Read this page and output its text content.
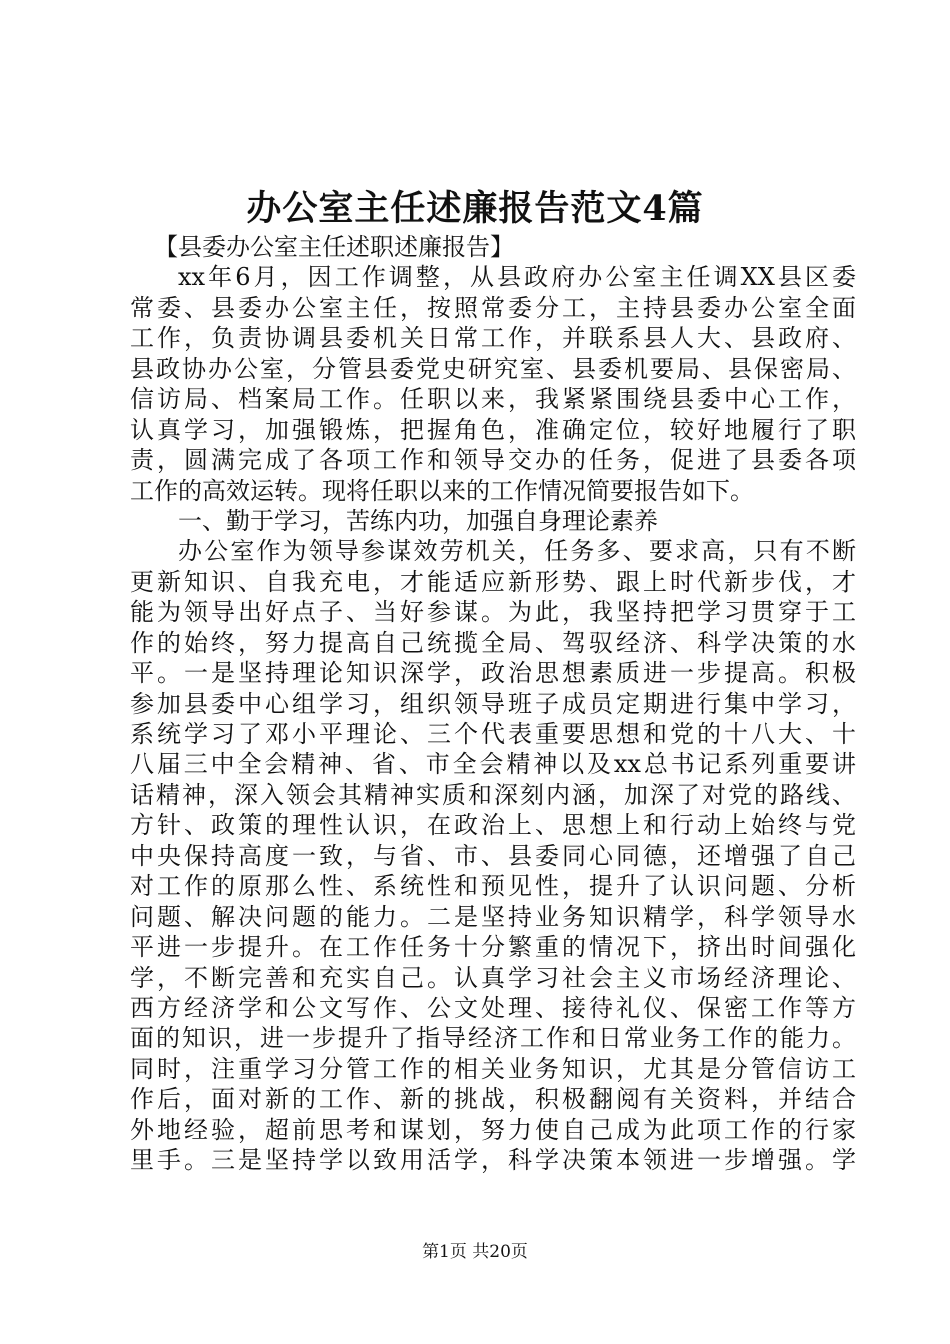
办公室主任述廉报告范文4篇
【县委办公室主任述职述廉报告】
xx年6月，因工作调整，从县政府办公室主任调XX县区委
常委、县委办公室主任，按照常委分工，主持县委办公室全面
工作，负责协调县委机关日常工作，并联系县人大、县政府、
县政协办公室，分管县委党史研究室、县委机要局、县保密局、
信访局、档案局工作。任职以来，我紧紧围绕县委中心工作，
认真学习，加强锻炼，把握角色，准确定位，较好地履行了职
责，圆满完成了各项工作和领导交办的任务，促进了县委各项
工作的高效运转。现将任职以来的工作情况简要报告如下。
一、勤于学习，苦练内功，加强自身理论素养
办公室作为领导参谋效劳机关，任务多、要求高，只有不断
更新知识、自我充电，才能适应新形势、跟上时代新步伐，才
能为领导出好点子、当好参谋。为此，我坚持把学习贯穿于工
作的始终，努力提高自己统揽全局、驾驭经济、科学决策的水
平。一是坚持理论知识深学，政治思想素质进一步提高。积极
参加县委中心组学习，组织领导班子成员定期进行集中学习，
系统学习了邓小平理论、三个代表重要思想和党的十八大、十
八届三中全会精神、省、市全会精神以及xx总书记系列重要讲
话精神，深入领会其精神实质和深刻内涵，加深了对党的路线、
方针、政策的理性认识，在政治上、思想上和行动上始终与党
中央保持高度一致，与省、市、县委同心同德，还增强了自己
对工作的原那么性、系统性和预见性，提升了认识问题、分析
问题、解决问题的能力。二是坚持业务知识精学，科学领导水
平进一步提升。在工作任务十分繁重的情况下，挤出时间强化
学，不断完善和充实自己。认真学习社会主义市场经济理论、
西方经济学和公文写作、公文处理、接待礼仪、保密工作等方
面的知识，进一步提升了指导经济工作和日常业务工作的能力。
同时，注重学习分管工作的相关业务知识，尤其是分管信访工
作后，面对新的工作、新的挑战，积极翻阅有关资料，并结合
外地经验，超前思考和谋划，努力使自己成为此项工作的行家
里手。三是坚持学以致用活学，科学决策本领进一步增强。学
第1页 共20页
